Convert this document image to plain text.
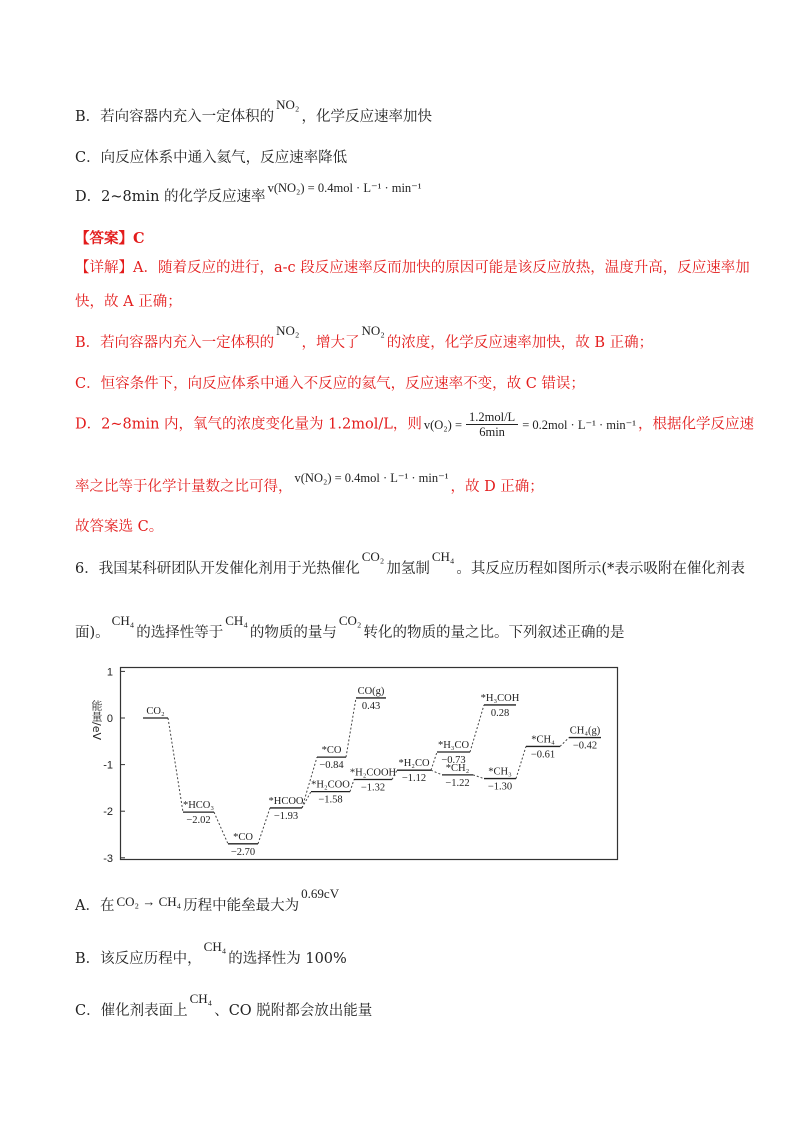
B．若向容器内充入一定体积的NO₂，化学反应速率加快
C．向反应体系中通入氦气，反应速率降低
D．2~8min 的化学反应速率v(NO₂) = 0.4mol · L⁻¹ · min⁻¹
【答案】C
【详解】A．随着反应的进行，a-c 段反应速率反而加快的原因可能是该反应放热，温度升高，反应速率加
快，故 A 正确；
B．若向容器内充入一定体积的NO₂，增大了NO₂的浓度，化学反应速率加快，故 B 正确；
C．恒容条件下，向反应体系中通入不反应的氦气，反应速率不变，故 C 错误；
D．2~8min 内，氧气的浓度变化量为 1.2mol/L，则 $v(O_2) = \frac{\text{1.2mol/L}}{6\min} = 0.2mol \cdot L^{-1} \cdot \min^{-1}$ ，根据化学反应速
率之比等于化学计量数之比可得，v(NO₂) = 0.4mol · L⁻¹ · min⁻¹，故 D 正确；
故答案选 C。
6．我国某科研团队开发催化剂用于光热催化CO₂加氢制CH₄。其反应历程如图所示(*表示吸附在催化剂表
面)。CH₄的选择性等于CH₄的物质的量与CO₂转化的物质的量之比。下列叙述正确的是
能量/eV
1
0
-1
-2
-3
CO₂
*HCO₃
−2.02
*CO
−2.70
*HCOO
−1.93
*CO
−0.84
*H₂COO
−1.58
CO(g)
0.43
*H₂COOH
−1.32
*H₂CO
−1.12
*H₃CO
−0.73
*CH₂
−1.22
*H₃COH
0.28
*CH₃
−1.30
*CH₄
−0.61
CH₄(g)
−0.42
A．在 CO₂ → CH₄ 历程中能垒最大为0.69cV
B．该反应历程中，CH₄的选择性为 100%
C．催化剂表面上CH₄、CO 脱附都会放出能量
